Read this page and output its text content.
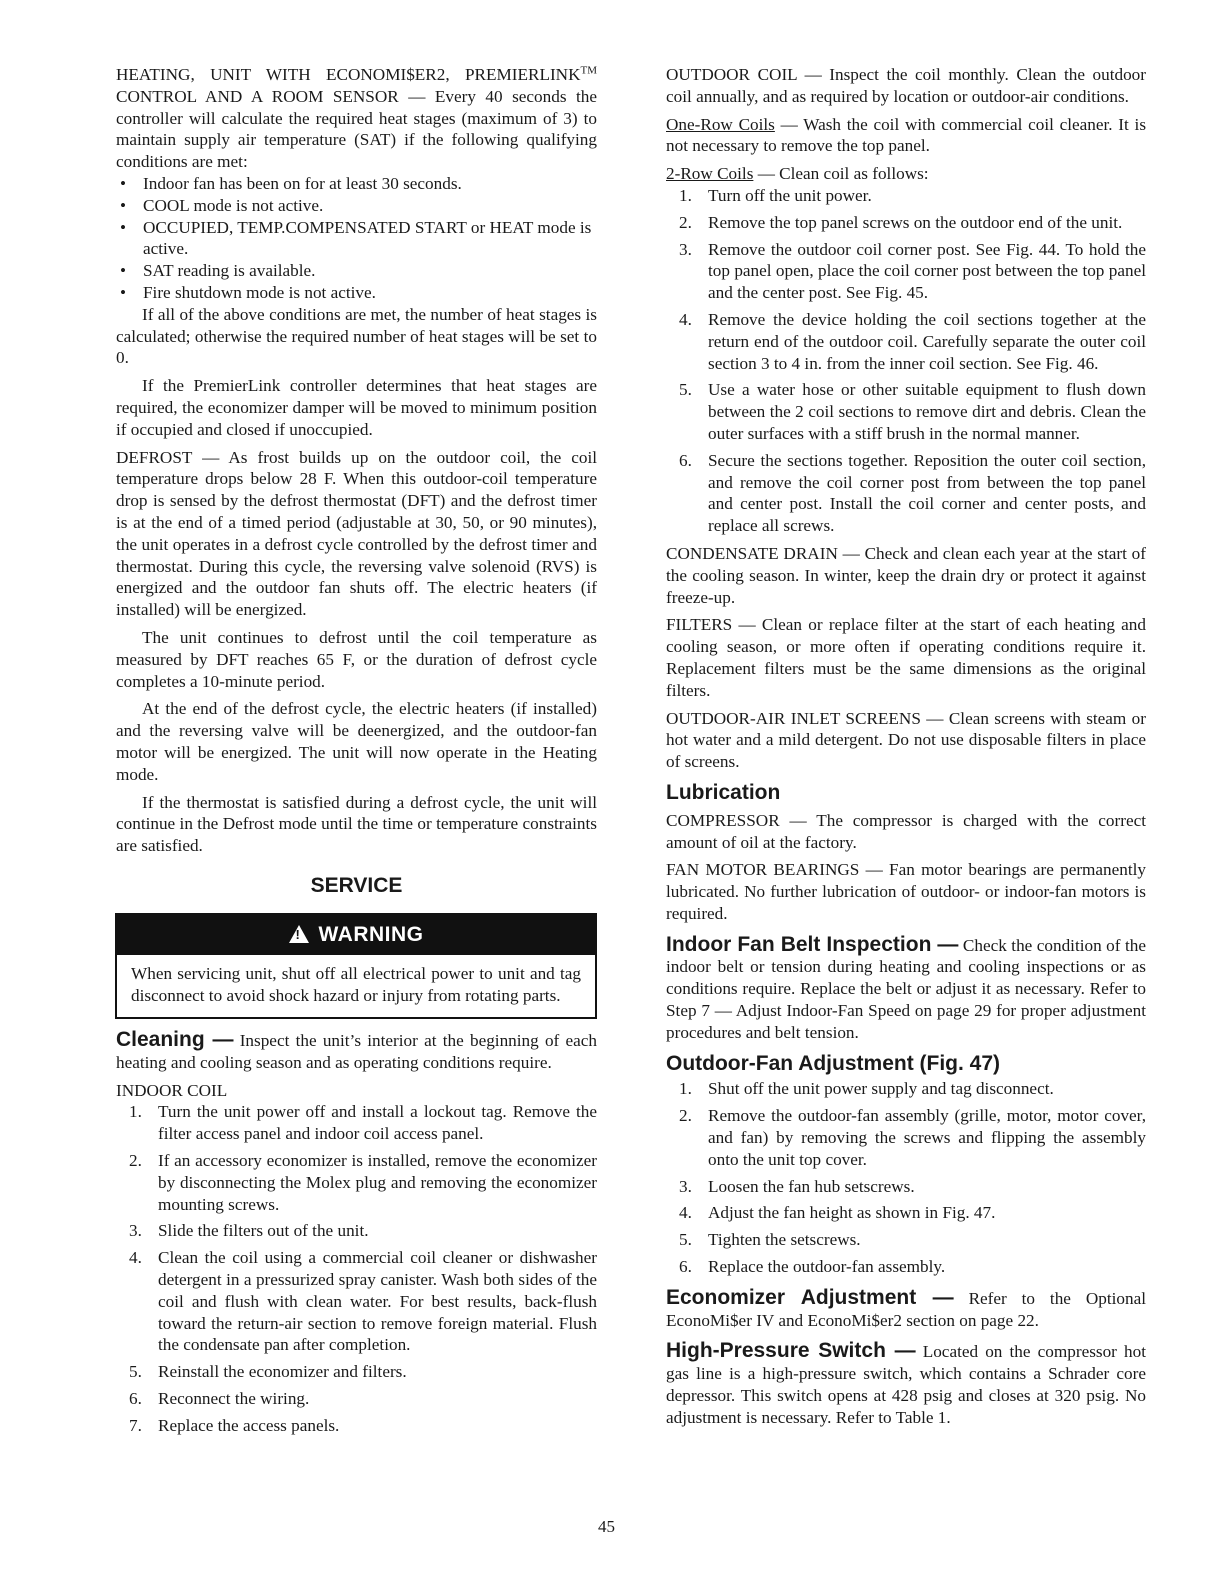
HEATING, UNIT WITH ECONOMI$ER2, PREMIERLINK™ CONTROL AND A ROOM SENSOR — Every 40 seconds the controller will calculate the required heat stages (maximum of 3) to maintain supply air temperature (SAT) if the following qualifying conditions are met:

• Indoor fan has been on for at least 30 seconds.
• COOL mode is not active.
• OCCUPIED, TEMP.COMPENSATED START or HEAT mode is active.
• SAT reading is available.
• Fire shutdown mode is not active.

If all of the above conditions are met, the number of heat stages is calculated; otherwise the required number of heat stages will be set to 0.

If the PremierLink controller determines that heat stages are required, the economizer damper will be moved to minimum position if occupied and closed if unoccupied.

DEFROST — As frost builds up on the outdoor coil, the coil temperature drops below 28 F. When this outdoor-coil temperature drop is sensed by the defrost thermostat (DFT) and the defrost timer is at the end of a timed period (adjustable at 30, 50, or 90 minutes), the unit operates in a defrost cycle controlled by the defrost timer and thermostat. During this cycle, the reversing valve solenoid (RVS) is energized and the outdoor fan shuts off. The electric heaters (if installed) will be energized.

The unit continues to defrost until the coil temperature as measured by DFT reaches 65 F, or the duration of defrost cycle completes a 10-minute period.

At the end of the defrost cycle, the electric heaters (if installed) and the reversing valve will be deenergized, and the outdoor-fan motor will be energized. The unit will now operate in the Heating mode.

If the thermostat is satisfied during a defrost cycle, the unit will continue in the Defrost mode until the time or temperature constraints are satisfied.

SERVICE
!WARNING
When servicing unit, shut off all electrical power to unit and tag disconnect to avoid shock hazard or injury from rotating parts.

Cleaning — Inspect the unit’s interior at the beginning of each heating and cooling season and as operating conditions require.

INDOOR COIL

1. Turn the unit power off and install a lockout tag. Remove the filter access panel and indoor coil access panel.
2. If an accessory economizer is installed, remove the economizer by disconnecting the Molex plug and removing the economizer mounting screws.
3. Slide the filters out of the unit.
4. Clean the coil using a commercial coil cleaner or dishwasher detergent in a pressurized spray canister. Wash both sides of the coil and flush with clean water. For best results, back-flush toward the return-air section to remove foreign material. Flush the condensate pan after completion.
5. Reinstall the economizer and filters.
6. Reconnect the wiring.
7. Replace the access panels.

OUTDOOR COIL — Inspect the coil monthly. Clean the outdoor coil annually, and as required by location or outdoor-air conditions.

One-Row Coils — Wash the coil with commercial coil cleaner. It is not necessary to remove the top panel.

2-Row Coils — Clean coil as follows:

1. Turn off the unit power.
2. Remove the top panel screws on the outdoor end of the unit.
3. Remove the outdoor coil corner post. See Fig. 44. To hold the top panel open, place the coil corner post between the top panel and the center post. See Fig. 45.
4. Remove the device holding the coil sections together at the return end of the outdoor coil. Carefully separate the outer coil section 3 to 4 in. from the inner coil section. See Fig. 46.
5. Use a water hose or other suitable equipment to flush down between the 2 coil sections to remove dirt and debris. Clean the outer surfaces with a stiff brush in the normal manner.
6. Secure the sections together. Reposition the outer coil section, and remove the coil corner post from between the top panel and center post. Install the coil corner and center posts, and replace all screws.

CONDENSATE DRAIN — Check and clean each year at the start of the cooling season. In winter, keep the drain dry or protect it against freeze-up.

FILTERS — Clean or replace filter at the start of each heating and cooling season, or more often if operating conditions require it. Replacement filters must be the same dimensions as the original filters.

OUTDOOR-AIR INLET SCREENS — Clean screens with steam or hot water and a mild detergent. Do not use disposable filters in place of screens.

Lubrication

COMPRESSOR — The compressor is charged with the correct amount of oil at the factory.

FAN MOTOR BEARINGS — Fan motor bearings are permanently lubricated. No further lubrication of outdoor- or indoor-fan motors is required.

Indoor Fan Belt Inspection — Check the condition of the indoor belt or tension during heating and cooling inspections or as conditions require. Replace the belt or adjust it as necessary. Refer to Step 7 — Adjust Indoor-Fan Speed on page 29 for proper adjustment procedures and belt tension.

Outdoor-Fan Adjustment (Fig. 47)
1. Shut off the unit power supply and tag disconnect.
2. Remove the outdoor-fan assembly (grille, motor, motor cover, and fan) by removing the screws and flipping the assembly onto the unit top cover.
3. Loosen the fan hub setscrews.
4. Adjust the fan height as shown in Fig. 47.
5. Tighten the setscrews.
6. Replace the outdoor-fan assembly.

Economizer Adjustment — Refer to the Optional EconoMi$er IV and EconoMi$er2 section on page 22.

High-Pressure Switch — Located on the compressor hot gas line is a high-pressure switch, which contains a Schrader core depressor. This switch opens at 428 psig and closes at 320 psig. No adjustment is necessary. Refer to Table 1.

45
